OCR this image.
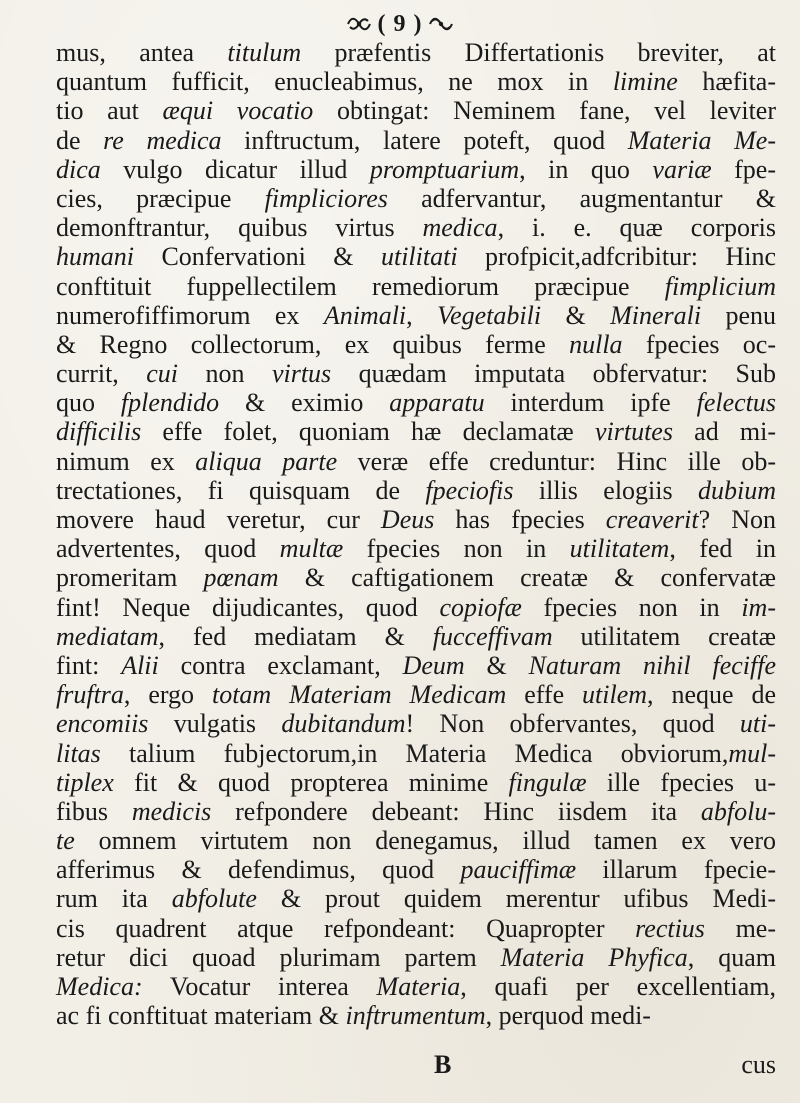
( 9 )
mus, antea titulum præfentis Differtationis breviter, at
quantum fufficit, enucleabimus, ne mox in limine hæfita-
tio aut æqui vocatio obtingat: Neminem fane, vel leviter
de re medica inftructum, latere poteft, quod Materia Me-
dica vulgo dicatur illud promptuarium, in quo variæ fpe-
cies, præcipue fimpliciores adfervantur, augmentantur &
demonftrantur, quibus virtus medica, i. e. quæ corporis
humani Confervationi & utilitati profpicit,adfcribitur: Hinc
conftituit fuppellectilem remediorum præcipue fimplicium
numerofiffimorum ex Animali, Vegetabili & Minerali penu
& Regno collectorum, ex quibus ferme nulla fpecies oc-
currit, cui non virtus quædam imputata obfervatur: Sub
quo fplendido & eximio apparatu interdum ipfe felectus
difficilis effe folet, quoniam hæ declamatæ virtutes ad mi-
nimum ex aliqua parte veræ effe creduntur: Hinc ille ob-
trectationes, fi quisquam de fpeciofis illis elogiis dubium
movere haud veretur, cur Deus has fpecies creaverit? Non
advertentes, quod multæ fpecies non in utilitatem, fed in
promeritam pœnam & caftigationem creatæ & confervatæ
fint! Neque dijudicantes, quod copiofæ fpecies non in im-
mediatam, fed mediatam & fucceffivam utilitatem creatæ
fint: Alii contra exclamant, Deum & Naturam nihil feciffe
fruftra, ergo totam Materiam Medicam effe utilem, neque de
encomiis vulgatis dubitandum! Non obfervantes, quod uti-
litas talium fubjectorum,in Materia Medica obviorum,mul-
tiplex fit & quod propterea minime fingulæ ille fpecies u-
fibus medicis refpondere debeant: Hinc iisdem ita abfolu-
te omnem virtutem non denegamus, illud tamen ex vero
afferimus & defendimus, quod pauciffimæ illarum fpecie-
rum ita abfolute & prout quidem merentur ufibus Medi-
cis quadrent atque refpondeant: Quapropter rectius me-
retur dici quoad plurimam partem Materia Phyfica, quam
Medica: Vocatur interea Materia, quafi per excellentiam,
ac fi conftituat materiam & inftrumentum, perquod medi-
B	cus
